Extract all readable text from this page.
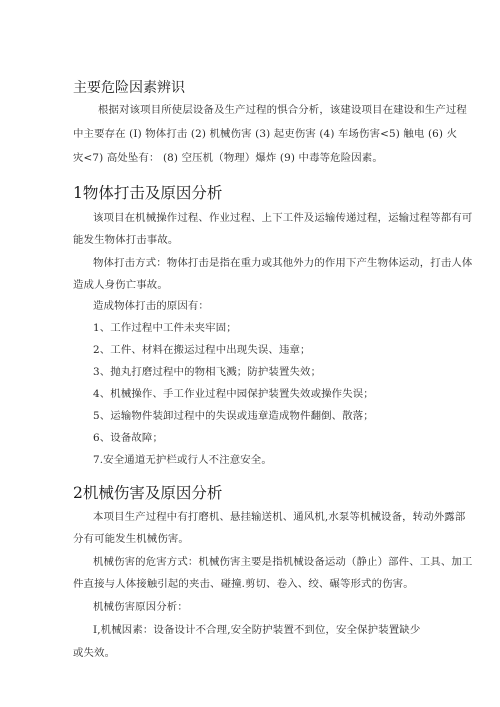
主要危险因素辨识
根据对该项目所使层设备及生产过程的惧合分析，该建设项目在建设和生产过程
中主要存在 (I) 物体打击 (2) 机械伤害 (3) 起吏伤害 (4) 车场伤害<5) 触电 (6) 火
灾<7) 高处坠有： (8) 空压机（物理）爆炸 (9) 中毒等危险因素。
1物体打击及原因分析
该项目在机械操作过程、作业过程、上下工件及运输传递过程，运输过程等都有可
能发生物体打击事故。
物体打击方式：物体打击是指在重力或其他外力的作用下产生物体运动，打击人体
造成人身伤亡事故。
造成物体打击的原因有：
1、工作过程中工件未夹牢固；
2、工件、材料在搬运过程中出现失误、违章；
3、抛丸打磨过程中的物相飞溅；防护装置失效；
4、机械操作、手工作业过程中园保护装置失效或操作失误；
5、运输物件装卸过程中的失误或违章造成物件翻倒、散落；
6、设备故障；
7.安全通道无护栏或行人不注意安全。
2机械伤害及原因分析
本项目生产过程中有打磨机、悬挂输送机、通风机,水泵等机械设备，转动外露部
分有可能发生机械伤害。
机械伤害的危害方式：机械伤害主要是指机械设备运动（静止）部件、工具、加工
件直接与人体接触引起的夹击、碰撞.剪切、卷入、绞、碾等形式的伤害。
机械伤害原因分析：
I,机械因素：设备设计不合理,安全防护装置不到位，安全保护装置缺少
或失效。
